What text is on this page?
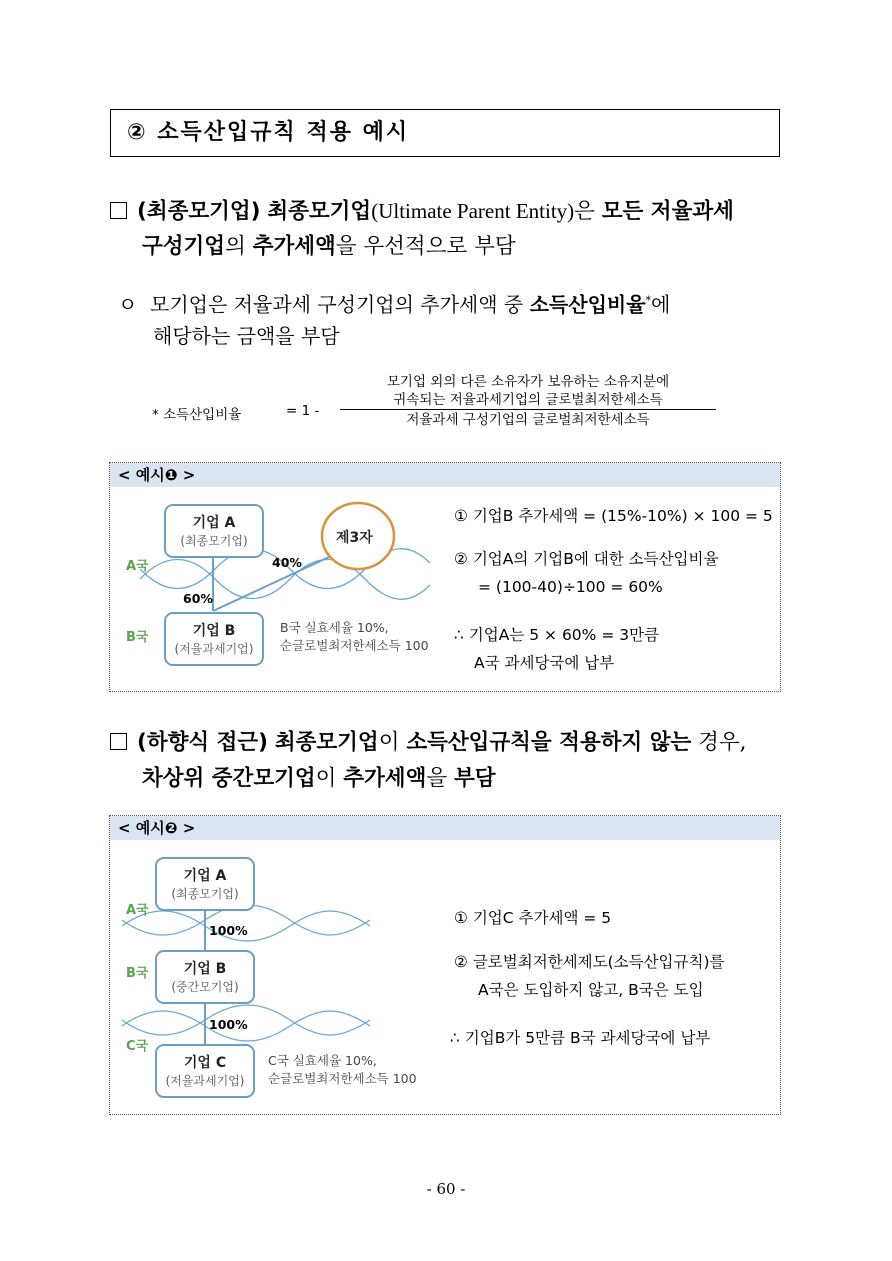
② 소득산입규칙 적용 예시
(최종모기업) 최종모기업(Ultimate Parent Entity)은 모든 저율과세
구성기업의 추가세액을 우선적으로 부담
ㅇ 모기업은 저율과세 구성기업의 추가세액 중 소득산입비율*에
해당하는 금액을 부담
* 소득산입비율	= 1 -
모기업 외의 다른 소유자가 보유하는 소유지분에
귀속되는 저율과세기업의 글로벌최저한세소득
저율과세 구성기업의 글로벌최저한세소득
< 예시❶ >
기업 A
(최종모기업)
기업 B
(저율과세기업)
제3자
A국
B국
40%
60%
B국 실효세율 10%,
순글로벌최저한세소득 100
① 기업B 추가세액 = (15%-10%) × 100 = 5
② 기업A의 기업B에 대한 소득산입비율
= (100-40)÷100 = 60%
∴ 기업A는 5 × 60% = 3만큼
A국 과세당국에 납부
(하향식 접근) 최종모기업이 소득산입규칙을 적용하지 않는 경우,
차상위 중간모기업이 추가세액을 부담
< 예시❷ >
기업 A
(최종모기업)
기업 B
(중간모기업)
기업 C
(저율과세기업)
A국
B국
C국
100%
100%
C국 실효세율 10%,
순글로벌최저한세소득 100
① 기업C 추가세액 = 5
② 글로벌최저한세제도(소득산입규칙)를
A국은 도입하지 않고, B국은 도입
∴ 기업B가 5만큼 B국 과세당국에 납부
- 60 -
